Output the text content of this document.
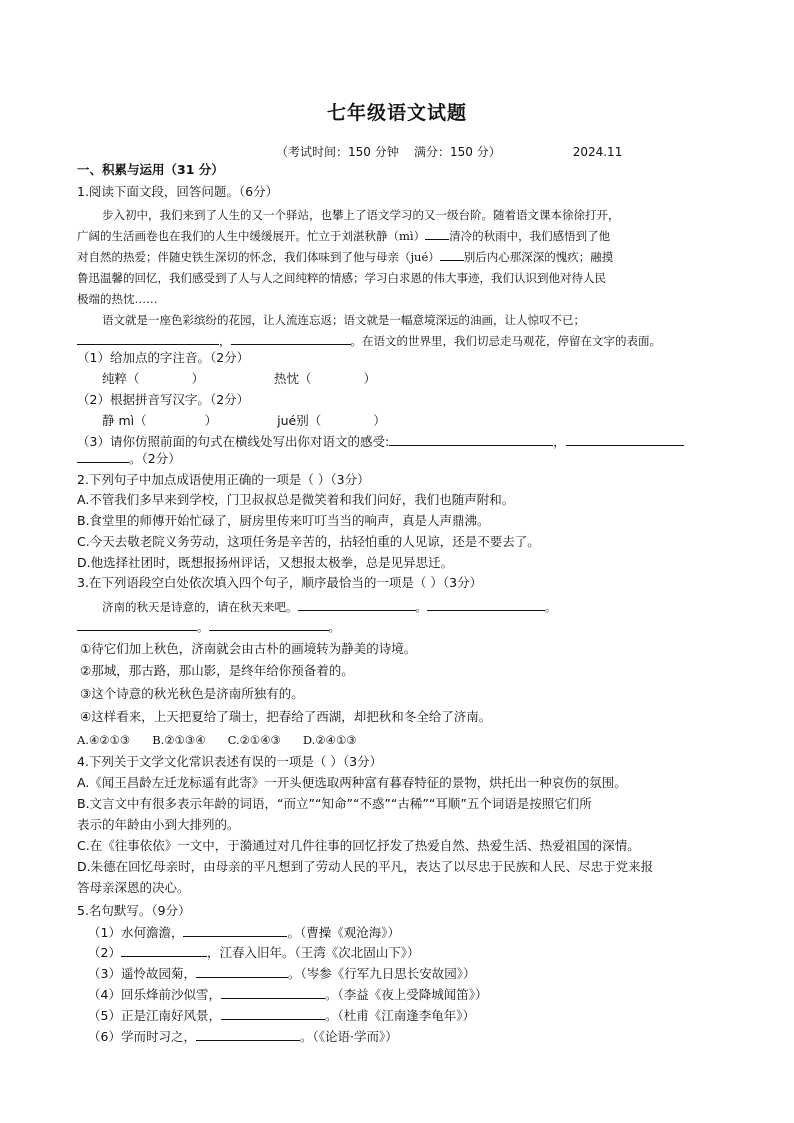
七年级语文试题
（考试时间：150 分钟    满分：150 分）	2024.11
一、积累与运用（31 分）
1.阅读下面文段，回答问题。（6分）
步入初中，我们来到了人生的又一个驿站，也攀上了语文学习的又一级台阶。随着语文课本徐徐打开，
广阔的生活画卷也在我们的人生中缓缓展开。忙立于刘湛秋静（mì） 清冷的秋雨中，我们感悟到了他
对自然的热爱；伴随史铁生深切的怀念，我们体味到了他与母亲（jué） 别后内心那深深的愧疚；融摸
鲁迅温馨的回忆，我们感受到了人与人之间纯粹的情感；学习白求恩的伟大事迹，我们认识到他对待人民
极端的热忱……
语文就是一座色彩缤纷的花园，让人流连忘返；语文就是一幅意境深远的油画，让人惊叹不已；
，	。在语文的世界里，我们切忌走马观花，停留在文字的表面。
（1）给加点的字注音。（2分）
纯粹（	）	热忱（	）
（2）根据拼音写汉字。（2分）
静 mì（	）	jué别（	）
（3）请你仿照前面的句式在横线处写出你对语文的感受:	，
。（2分）
2.下列句子中加点成语使用正确的一项是（ ）（3分）
A.不管我们多早来到学校，门卫叔叔总是微笑着和我们问好，我们也随声附和。
B.食堂里的师傅开始忙碌了，厨房里传来叮叮当当的响声，真是人声鼎沸。
C.今天去敬老院义务劳动，这项任务是辛苦的，拈轻怕重的人见谅，还是不要去了。
D.他选择社团时，既想报扬州评话，又想报太极拳，总是见异思迁。
3.在下列语段空白处依次填入四个句子，顺序最恰当的一项是（ ）（3分）
济南的秋天是诗意的，请在秋天来吧。	。	。
。	。
①待它们加上秋色，济南就会由古朴的画境转为静美的诗境。
②那城，那古路，那山影，是终年给你预备着的。
③这个诗意的秋光秋色是济南所独有的。
④这样看来，上天把夏给了瑞士，把春给了西湖，却把秋和冬全给了济南。
A.④②①③ B.②①③④ C.②①④③ D.②④①③
4.下列关于文学文化常识表述有误的一项是（ ）（3分）
A.《闻王昌龄左迁龙标遥有此寄》一开头便选取两种富有暮春特征的景物，烘托出一种哀伤的氛围。
B.文言文中有很多表示年龄的词语，“而立”“知命”“不惑”“古稀”“耳顺”五个词语是按照它们所
表示的年龄由小到大排列的。
C.在《往事依依》一文中，于漪通过对几件往事的回忆抒发了热爱自然、热爱生活、热爱祖国的深情。
D.朱德在回忆母亲时，由母亲的平凡想到了劳动人民的平凡，表达了以尽忠于民族和人民、尽忠于党来报
答母亲深恩的决心。
5.名句默写。（9分）
（1）水何澹澹，	。（曹操《观沧海》）
（2）	，江春入旧年。（王湾《次北固山下》）
（3）遥怜故园菊，	。（岑参《行军九日思长安故园》）
（4）回乐烽前沙似雪，	。（李益《夜上受降城闻笛》）
（5）正是江南好风景，	。（杜甫《江南逢李龟年》）
（6）学而时习之，	。（《论语·学而》）
